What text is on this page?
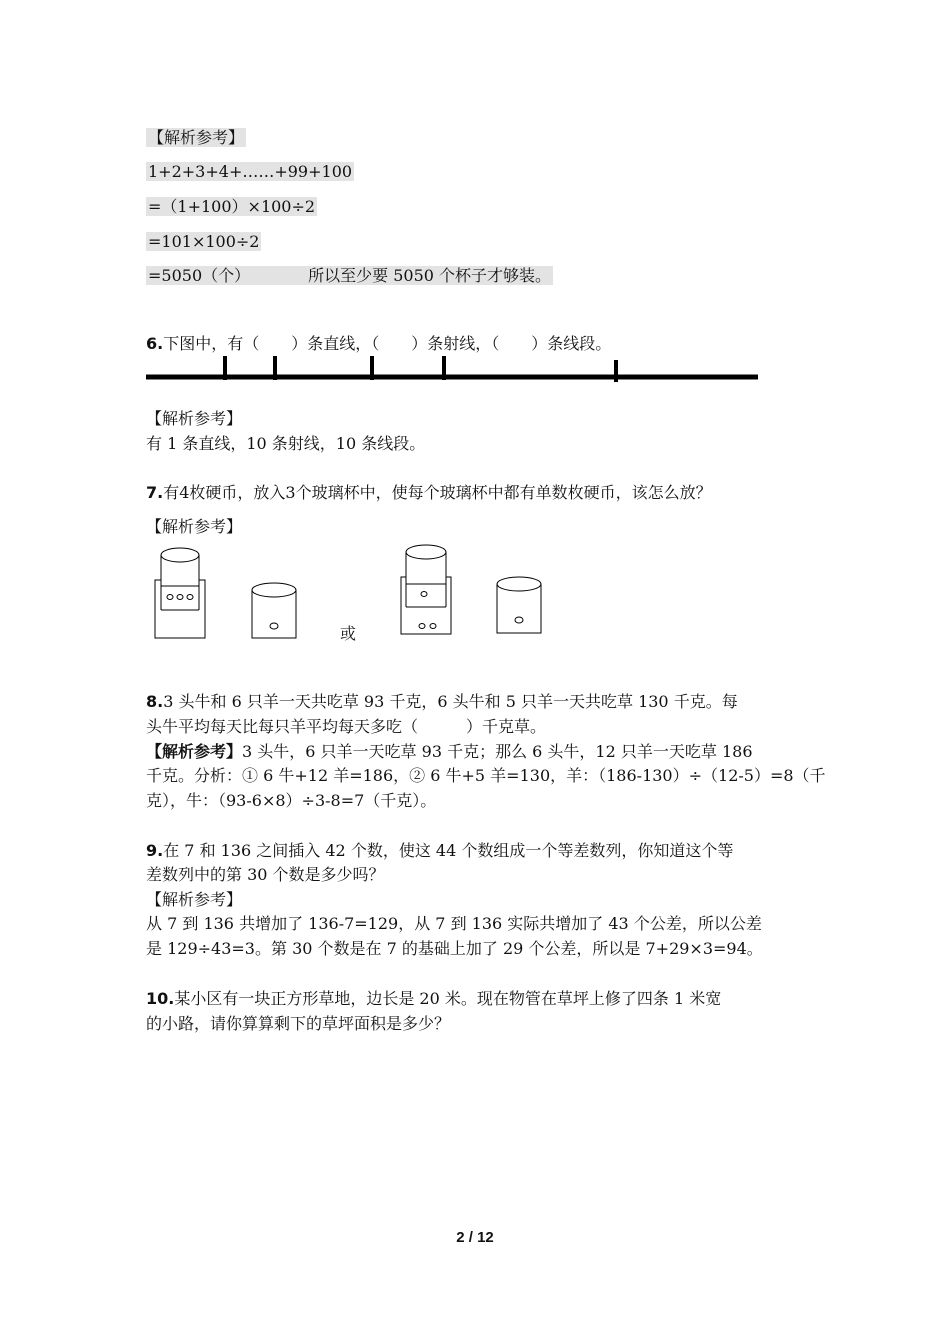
【解析参考】
1+2+3+4+……+99+100
=（1+100）×100÷2
=101×100÷2
=5050（个）	所以至少要 5050 个杯子才够装。
6.下图中，有（　　）条直线，（　　）条射线，（　　）条线段。
【解析参考】
有 1 条直线，10 条射线，10 条线段。
7.有4枚硬币，放入3个玻璃杯中，使每个玻璃杯中都有单数枚硬币，该怎么放？
【解析参考】
或
8.3 头牛和 6 只羊一天共吃草 93 千克，6 头牛和 5 只羊一天共吃草 130 千克。每
头牛平均每天比每只羊平均每天多吃（　　　）千克草。
【解析参考】3 头牛，6 只羊一天吃草 93 千克；那么 6 头牛，12 只羊一天吃草 186
千克。分析：① 6 牛+12 羊=186，② 6 牛+5 羊=130，羊：（186-130）÷（12-5）=8（千
克），牛：（93-6×8）÷3-8=7（千克）。
9.在 7 和 136 之间插入 42 个数，使这 44 个数组成一个等差数列，你知道这个等
差数列中的第 30 个数是多少吗？
【解析参考】
从 7 到 136 共增加了 136-7=129，从 7 到 136 实际共增加了 43 个公差，所以公差
是 129÷43=3。第 30 个数是在 7 的基础上加了 29 个公差，所以是 7+29×3=94。
10.某小区有一块正方形草地，边长是 20 米。现在物管在草坪上修了四条 1 米宽
的小路，请你算算剩下的草坪面积是多少？
2 / 12
